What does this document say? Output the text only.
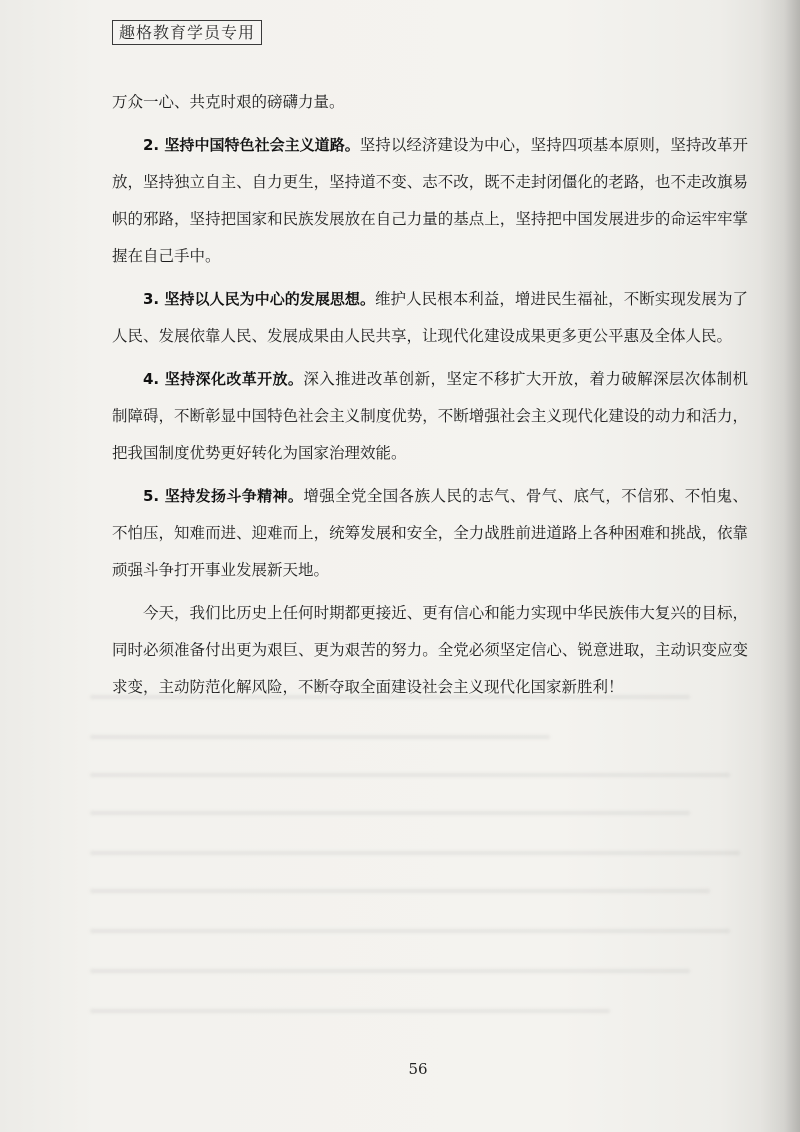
趣格教育学员专用

万众一心、共克时艰的磅礴力量。

2. 坚持中国特色社会主义道路。坚持以经济建设为中心，坚持四项基本原则，坚持改革开放，坚持独立自主、自力更生，坚持道不变、志不改，既不走封闭僵化的老路，也不走改旗易帜的邪路，坚持把国家和民族发展放在自己力量的基点上，坚持把中国发展进步的命运牢牢掌握在自己手中。

3. 坚持以人民为中心的发展思想。维护人民根本利益，增进民生福祉，不断实现发展为了人民、发展依靠人民、发展成果由人民共享，让现代化建设成果更多更公平惠及全体人民。

4. 坚持深化改革开放。深入推进改革创新，坚定不移扩大开放，着力破解深层次体制机制障碍，不断彰显中国特色社会主义制度优势，不断增强社会主义现代化建设的动力和活力，把我国制度优势更好转化为国家治理效能。

5. 坚持发扬斗争精神。增强全党全国各族人民的志气、骨气、底气，不信邪、不怕鬼、不怕压，知难而进、迎难而上，统筹发展和安全，全力战胜前进道路上各种困难和挑战，依靠顽强斗争打开事业发展新天地。

今天，我们比历史上任何时期都更接近、更有信心和能力实现中华民族伟大复兴的目标，同时必须准备付出更为艰巨、更为艰苦的努力。全党必须坚定信心、锐意进取，主动识变应变求变，主动防范化解风险，不断夺取全面建设社会主义现代化国家新胜利！

56
